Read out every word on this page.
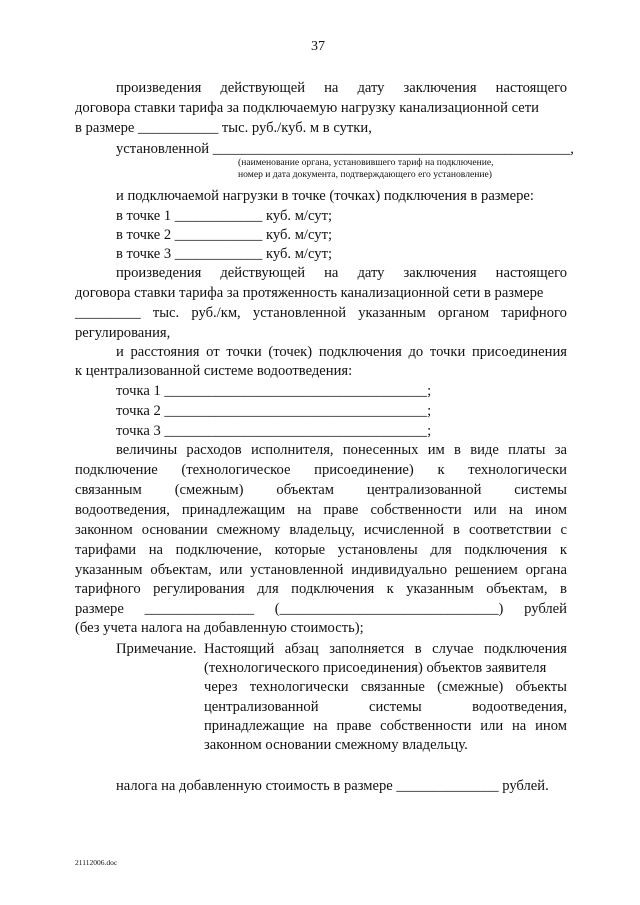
37
произведения действующей на дату заключения настоящего
договора ставки тарифа за подключаемую нагрузку канализационной сети
в размере ___________ тыс. руб./куб. м в сутки,
установленной _________________________________________________,
(наименование органа, установившего тариф на подключение,
номер и дата документа, подтверждающего его установление)
и подключаемой нагрузки в точке (точках) подключения в размере:
в точке 1 ____________ куб. м/сут;
в точке 2 ____________ куб. м/сут;
в точке 3 ____________ куб. м/сут;
произведения действующей на дату заключения настоящего
договора ставки тарифа за протяженность канализационной сети в размере
_________ тыс. руб./км, установленной указанным органом тарифного
регулирования,
и расстояния от точки (точек) подключения до точки присоединения
к централизованной системе водоотведения:
точка 1 ____________________________________;
точка 2 ____________________________________;
точка 3 ____________________________________;
величины расходов исполнителя, понесенных им в виде платы за
подключение (технологическое присоединение) к технологически
связанным (смежным) объектам централизованной системы
водоотведения, принадлежащим на праве собственности или на ином
законном основании смежному владельцу, исчисленной в соответствии с
тарифами на подключение, которые установлены для подключения к
указанным объектам, или установленной индивидуально решением органа
тарифного регулирования для подключения к указанным объектам, в
размере _______________ (______________________________) рублей
(без учета налога на добавленную стоимость);
Примечание. Настоящий абзац заполняется в случае подключения
(технологического присоединения) объектов заявителя
через технологически связанные (смежные) объекты
централизованной	системы	водоотведения,
принадлежащие на праве собственности или на ином
законном основании смежному владельцу.
налога на добавленную стоимость в размере ______________ рублей.
21112006.doc
